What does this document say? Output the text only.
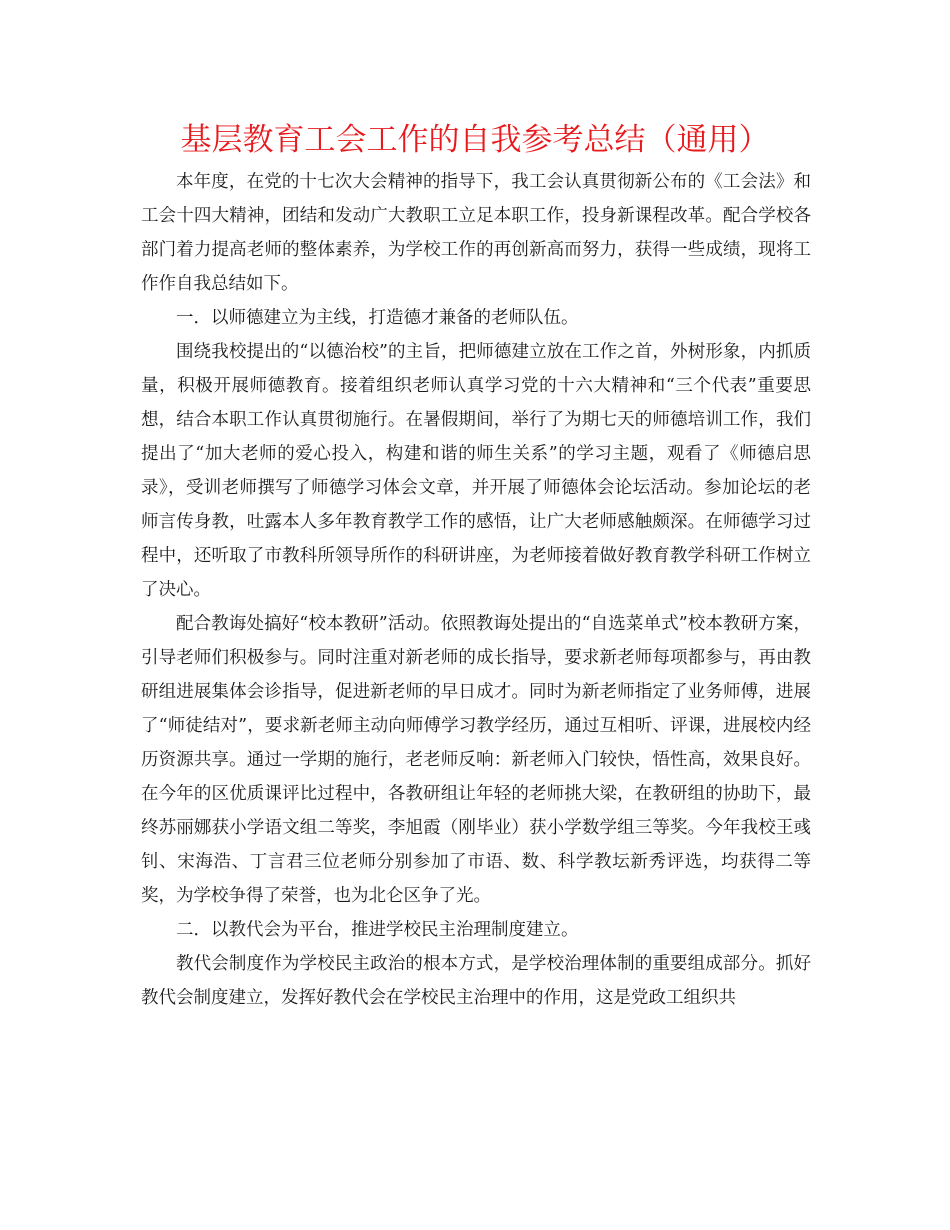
基层教育工会工作的自我参考总结（通用）

本年度，在党的十七次大会精神的指导下，我工会认真贯彻新公布的《工会法》和工会十四大精神，团结和发动广大教职工立足本职工作，投身新课程改革。配合学校各部门着力提高老师的整体素养，为学校工作的再创新高而努力，获得一些成绩，现将工作作自我总结如下。

一．以师德建立为主线，打造德才兼备的老师队伍。

围绕我校提出的“以德治校”的主旨，把师德建立放在工作之首，外树形象，内抓质量，积极开展师德教育。接着组织老师认真学习党的十六大精神和“三个代表”重要思想，结合本职工作认真贯彻施行。在暑假期间，举行了为期七天的师德培训工作，我们提出了“加大老师的爱心投入，构建和谐的师生关系”的学习主题，观看了《师德启思录》，受训老师撰写了师德学习体会文章，并开展了师德体会论坛活动。参加论坛的老师言传身教，吐露本人多年教育教学工作的感悟，让广大老师感触颇深。在师德学习过程中，还听取了市教科所领导所作的科研讲座，为老师接着做好教育教学科研工作树立了决心。

配合教诲处搞好“校本教研”活动。依照教诲处提出的“自选菜单式”校本教研方案，引导老师们积极参与。同时注重对新老师的成长指导，要求新老师每项都参与，再由教研组进展集体会诊指导，促进新老师的早日成才。同时为新老师指定了业务师傅，进展了“师徒结对”，要求新老师主动向师傅学习教学经历，通过互相听、评课，进展校内经历资源共享。通过一学期的施行，老老师反响：新老师入门较快，悟性高，效果良好。在今年的区优质课评比过程中，各教研组让年轻的老师挑大梁，在教研组的协助下，最终苏丽娜获小学语文组二等奖，李旭霞（刚毕业）获小学数学组三等奖。今年我校王彧钊、宋海浩、丁言君三位老师分别参加了市语、数、科学教坛新秀评选，均获得二等奖，为学校争得了荣誉，也为北仑区争了光。

二．以教代会为平台，推进学校民主治理制度建立。

教代会制度作为学校民主政治的根本方式，是学校治理体制的重要组成部分。抓好教代会制度建立，发挥好教代会在学校民主治理中的作用，这是党政工组织共
